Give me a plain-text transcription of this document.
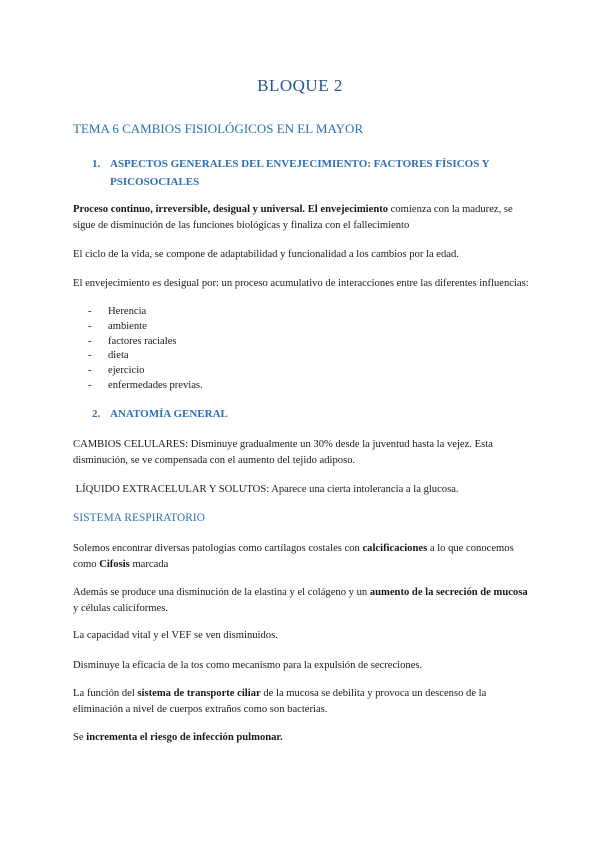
BLOQUE 2
TEMA 6 CAMBIOS FISIOLÓGICOS EN EL MAYOR
1. ASPECTOS GENERALES DEL ENVEJECIMIENTO: FACTORES FÍSICOS Y
PSICOSOCIALES

Proceso continuo, irreversible, desigual y universal. El envejecimiento comienza con la madurez, se sigue de disminución de las funciones biológicas y finaliza con el fallecimiento

El ciclo de la vida, se compone de adaptabilidad y funcionalidad a los cambios por la edad.

El envejecimiento es desigual por: un proceso acumulativo de interacciones entre las diferentes influencias:

- Herencia
- ambiente
- factores raciales
- dieta
- ejercicio
- enfermedades previas.
2. ANATOMÍA GENERAL

CAMBIOS CELULARES: Disminuye gradualmente un 30% desde la juventud hasta la vejez. Esta disminución, se ve compensada con el aumento del tejido adiposo.

LÍQUIDO EXTRACELULAR Y SOLUTOS: Aparece una cierta intolerancia a la glucosa.

SISTEMA RESPIRATORIO

Solemos encontrar diversas patologías como cartílagos costales con calcificaciones a lo que conocemos como Cifosis marcada

Además se produce una disminución de la elastina y el colágeno y un aumento de la secreción de mucosa y células caliciformes.

La capacidad vital y el VEF se ven disminuidos.

Disminuye la eficacia de la tos como mecanismo para la expulsión de secreciones.

La función del sistema de transporte ciliar de la mucosa se debilita y provoca un descenso de la eliminación a nivel de cuerpos extraños como son bacterias.

Se incrementa el riesgo de infección pulmonar.
